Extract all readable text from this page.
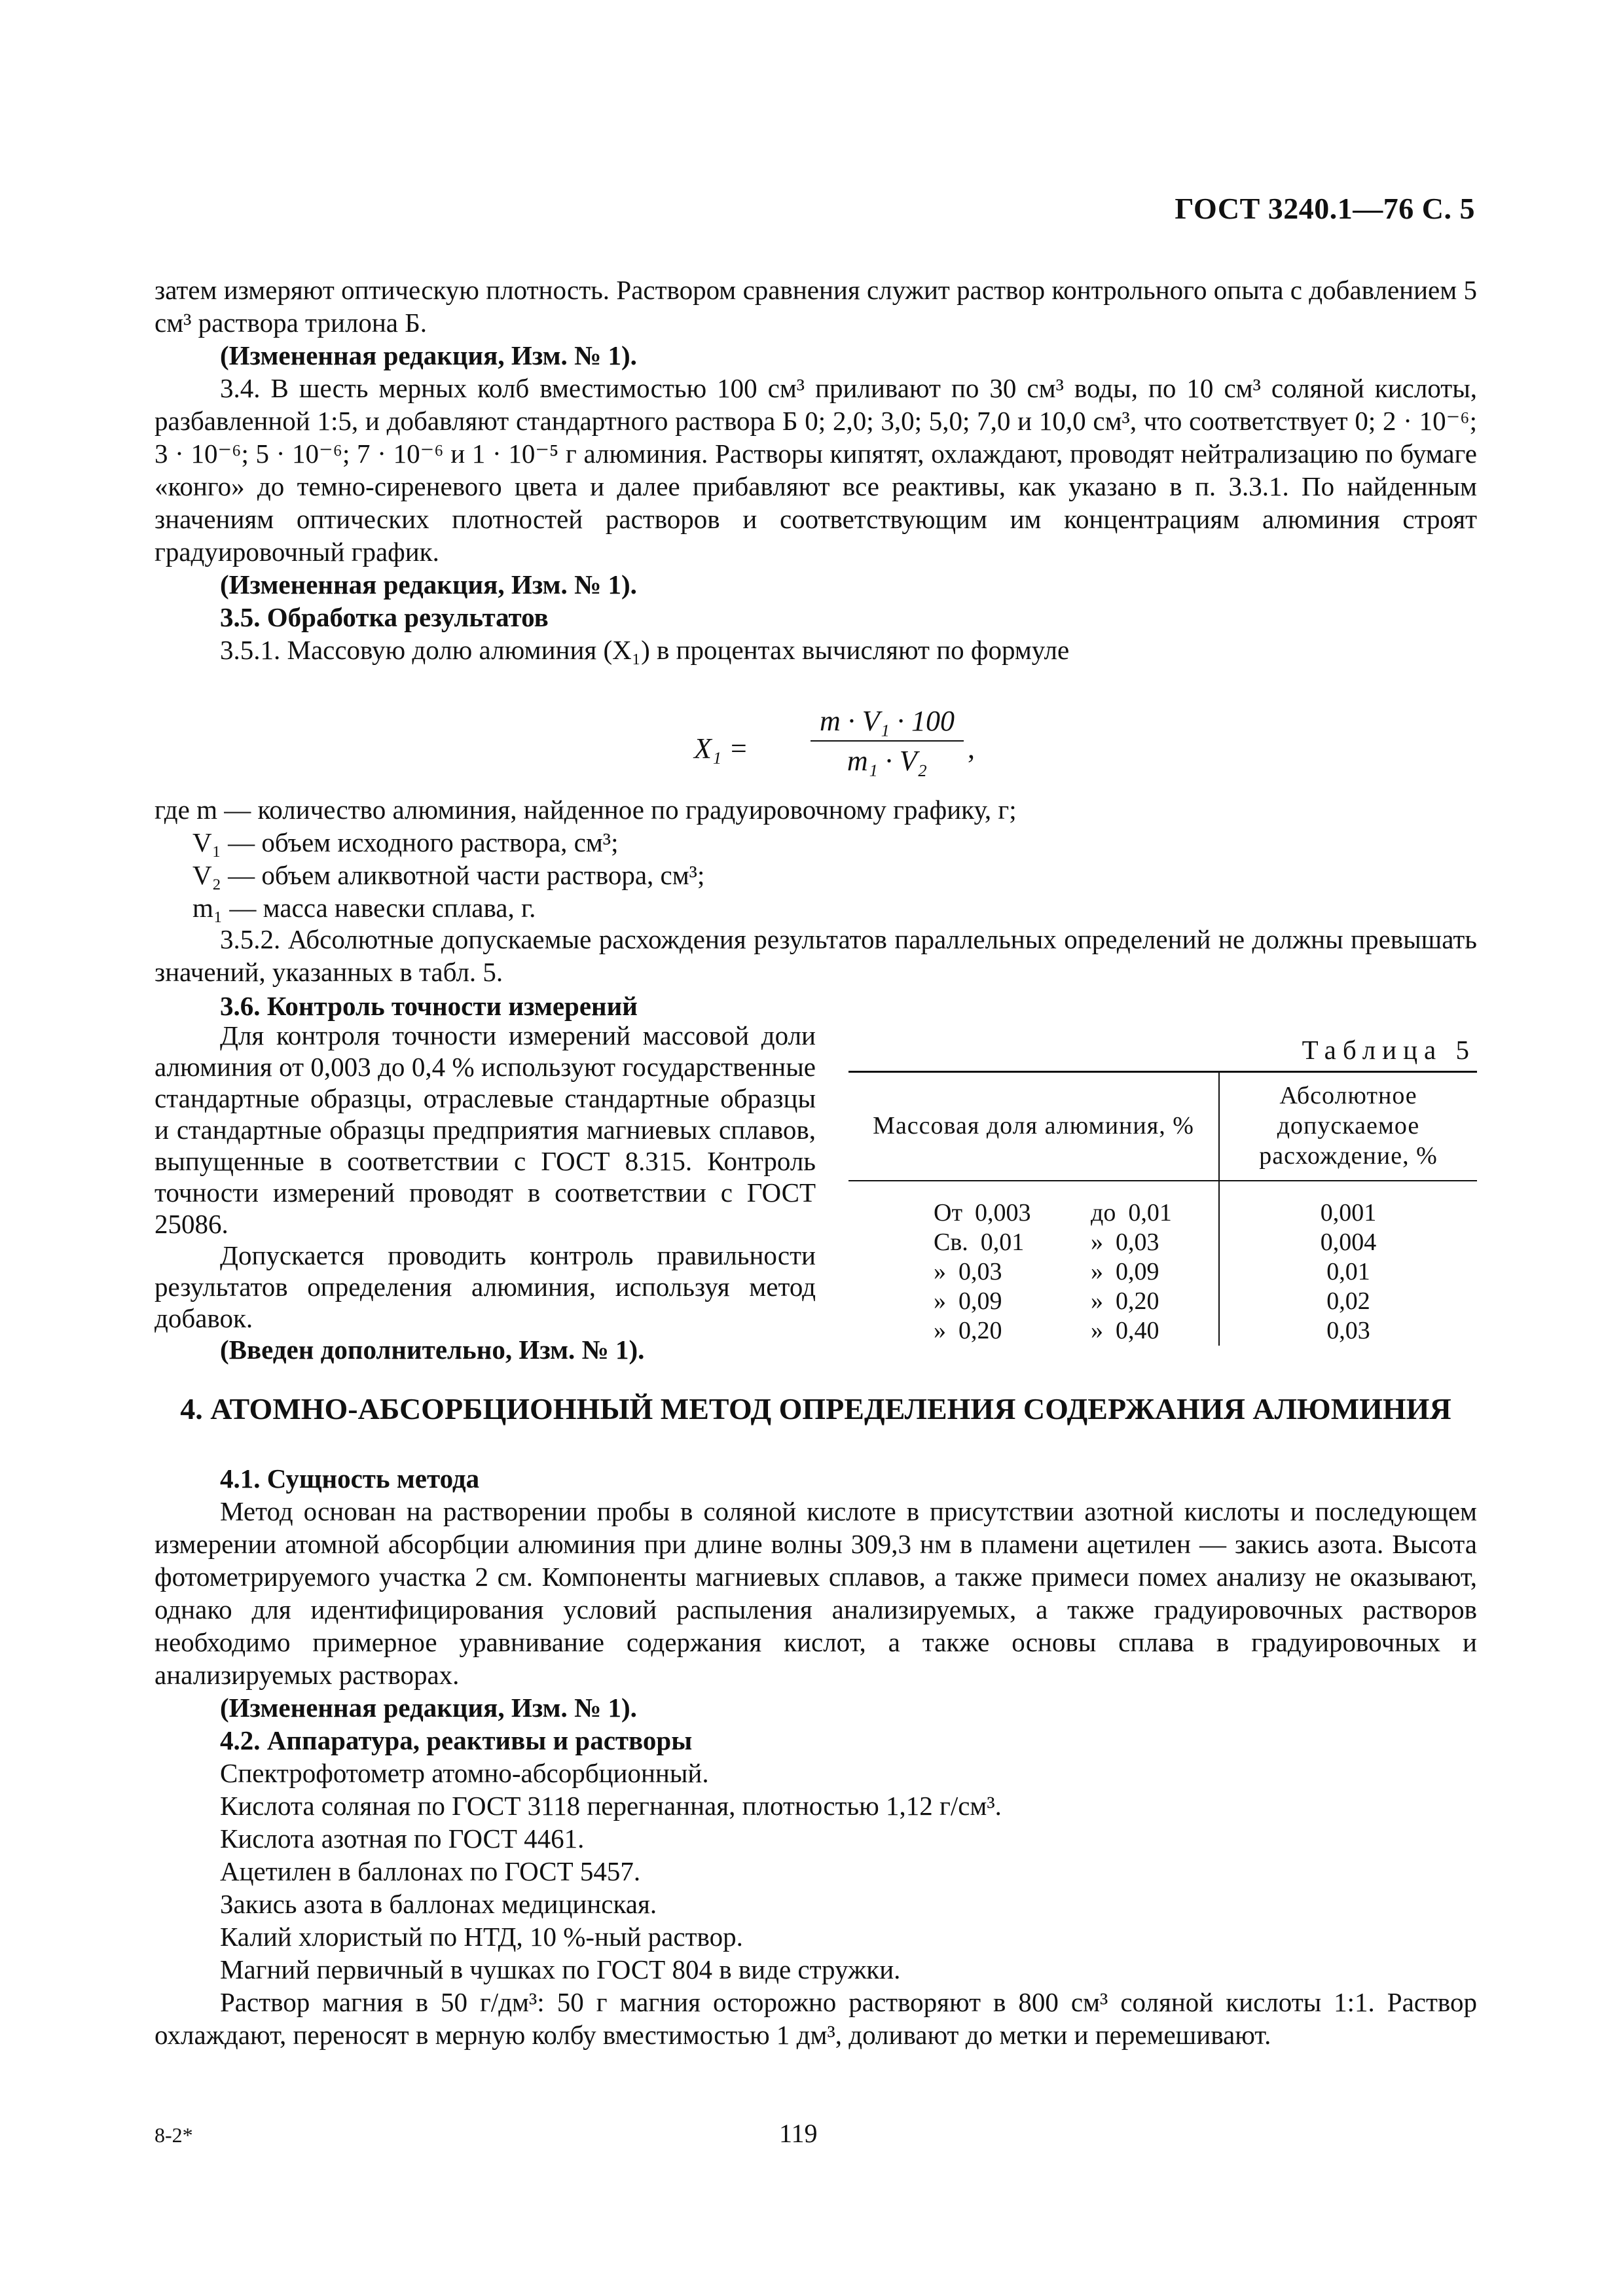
ГОСТ 3240.1—76 С. 5

затем измеряют оптическую плотность. Раствором сравнения служит раствор контрольного опыта с добавлением 5 см³ раствора трилона Б.

(Измененная редакция, Изм. № 1).

3.4. В шесть мерных колб вместимостью 100 см³ приливают по 30 см³ воды, по 10 см³ соляной кислоты, разбавленной 1:5, и добавляют стандартного раствора Б 0; 2,0; 3,0; 5,0; 7,0 и 10,0 см³, что соответствует 0; 2 · 10⁻⁶; 3 · 10⁻⁶; 5 · 10⁻⁶; 7 · 10⁻⁶ и 1 · 10⁻⁵ г алюминия. Растворы кипятят, охлаждают, проводят нейтрализацию по бумаге «конго» до темно-сиреневого цвета и далее прибавляют все реактивы, как указано в п. 3.3.1. По найденным значениям оптических плотностей растворов и соответствующим им концентрациям алюминия строят градуировочный график.

(Измененная редакция, Изм. № 1).

3.5. Обработка результатов

3.5.1. Массовую долю алюминия (X₁) в процентах вычисляют по формуле

$X_1 = \frac{\text{m · V₁ · 100}}{\text{m₁ · V₂}}$ ,
где m — количество алюминия, найденное по градуировочному графику, г;
V₁ — объем исходного раствора, см³;
V₂ — объем аликвотной части раствора, см³;
m₁ — масса навески сплава, г.

3.5.2. Абсолютные допускаемые расхождения результатов параллельных определений не должны превышать значений, указанных в табл. 5.

3.6. Контроль точности измерений

Для контроля точности измерений массовой доли алюминия от 0,003 до 0,4 % используют государственные стандартные образцы, отраслевые стандартные образцы и стандартные образцы предприятия магниевых сплавов, выпущенные в соответствии с ГОСТ 8.315. Контроль точности измерений проводят в соответствии с ГОСТ 25086.

Допускается проводить контроль правильности результатов определения алюминия, используя метод добавок.

(Введен дополнительно, Изм. № 1).

Таблица 5
Массовая доля алюминия, %	Абсолютное допускаемое расхождение, %
От  0,003 до  0,01	0,001
Св.  0,01 »  0,03	0,004
»  0,03 »  0,09	0,01
»  0,09 »  0,20	0,02
»  0,20 »  0,40	0,03
4. АТОМНО-АБСОРБЦИОННЫЙ МЕТОД ОПРЕДЕЛЕНИЯ СОДЕРЖАНИЯ АЛЮМИНИЯ

4.1. Сущность метода

Метод основан на растворении пробы в соляной кислоте в присутствии азотной кислоты и последующем измерении атомной абсорбции алюминия при длине волны 309,3 нм в пламени ацетилен — закись азота. Высота фотометрируемого участка 2 см. Компоненты магниевых сплавов, а также примеси помех анализу не оказывают, однако для идентифицирования условий распыления анализируемых, а также градуировочных растворов необходимо примерное уравнивание содержания кислот, а также основы сплава в градуировочных и анализируемых растворах.

(Измененная редакция, Изм. № 1).

4.2. Аппаратура, реактивы и растворы

Спектрофотометр атомно-абсорбционный.

Кислота соляная по ГОСТ 3118 перегнанная, плотностью 1,12 г/см³.

Кислота азотная по ГОСТ 4461.

Ацетилен в баллонах по ГОСТ 5457.

Закись азота в баллонах медицинская.

Калий хлористый по НТД, 10 %-ный раствор.

Магний первичный в чушках по ГОСТ 804 в виде стружки.

Раствор магния в 50 г/дм³: 50 г магния осторожно растворяют в 800 см³ соляной кислоты 1:1. Раствор охлаждают, переносят в мерную колбу вместимостью 1 дм³, доливают до метки и перемешивают.

8-2*	119
